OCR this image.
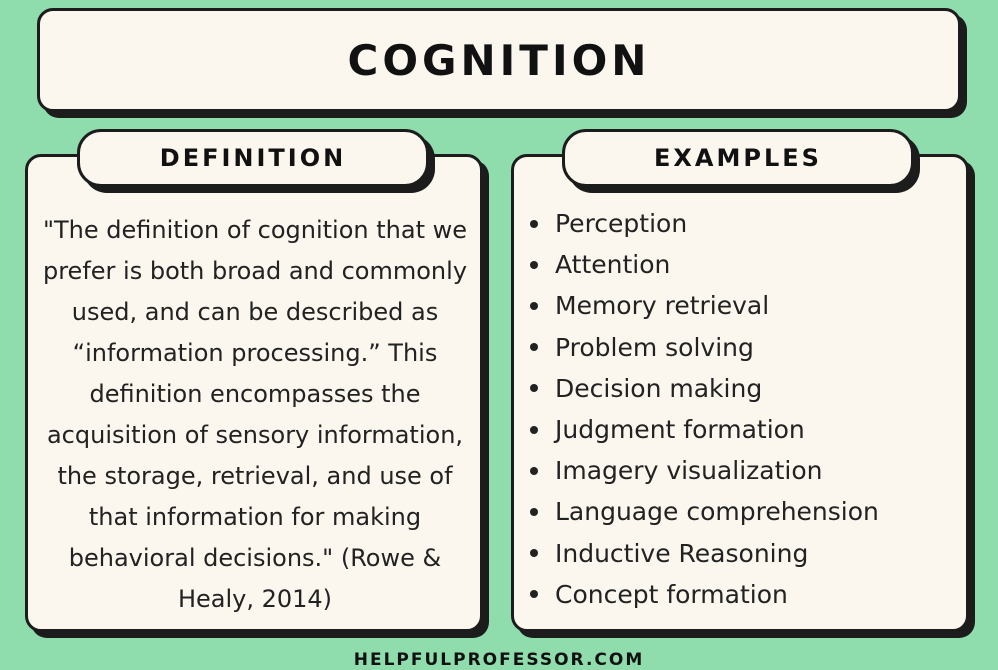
COGNITION
DEFINITION	EXAMPLES

"The definition of cognition that we prefer is both broad and commonly used, and can be described as “information processing.” This definition encompasses the acquisition of sensory information, the storage, retrieval, and use of that information for making behavioral decisions." (Rowe & Healy, 2014)

Perception
Attention
Memory retrieval
Problem solving
Decision making
Judgment formation
Imagery visualization
Language comprehension
Inductive Reasoning
Concept formation
HELPFULPROFESSOR.COM
